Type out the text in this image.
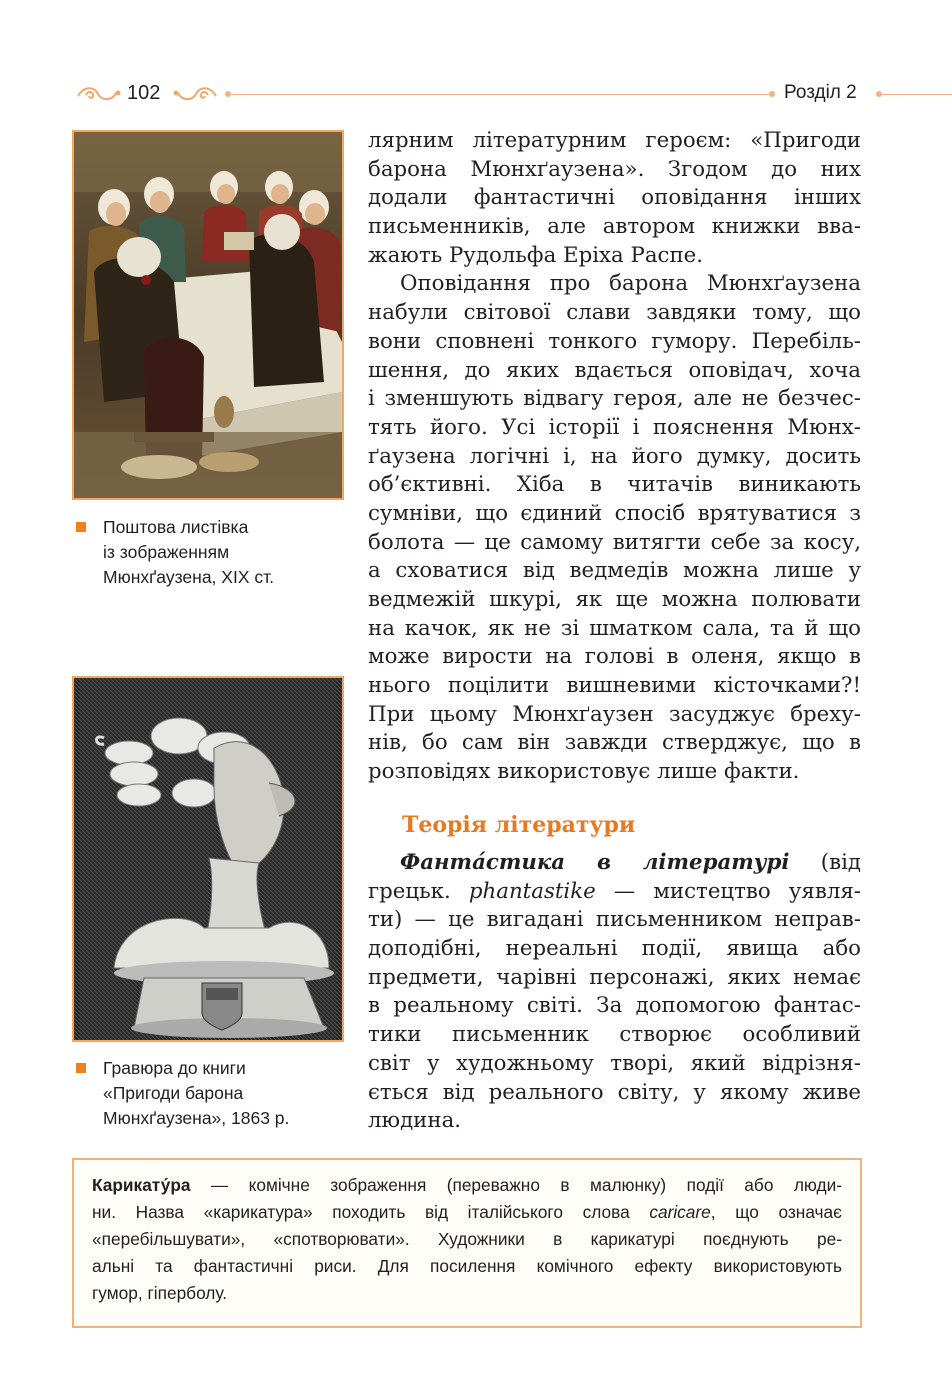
102	Розділ 2
Поштова листівка
із зображенням
Мюнхґаузена, XIX ст.
Гравюра до книги
«Пригоди барона
Мюнхґаузена», 1863 р.
лярним літературним героєм: «Пригоди
барона Мюнхґаузена». Згодом до них
додали фантастичні оповідання інших
письменників, але автором книжки вва-
жають Рудольфа Еріха Распе.
Оповідання про барона Мюнхґаузена
набули світової слави завдяки тому, що
вони сповнені тонкого гумору. Перебіль-
шення, до яких вдається оповідач, хоча
і зменшують відвагу героя, але не безчес-
тять його. Усі історії і пояснення Мюнх-
ґаузена логічні і, на його думку, досить
об’єктивні. Хіба в читачів виникають
сумніви, що єдиний спосіб врятуватися з
болота — це самому витягти себе за косу,
а сховатися від ведмедів можна лише у
ведмежій шкурі, як ще можна полювати
на качок, як не зі шматком сала, та й що
може вирости на голові в оленя, якщо в
нього поцілити вишневими кісточками?!
При цьому Мюнхґаузен засуджує бреху-
нів, бо сам він завжди стверджує, що в
розповідях використовує лише факти.
Теорія літератури
Фанта́стика в літературі (від
грецьк. phantastike — мистецтво уявля-
ти) — це вигадані письменником неправ-
доподібні, нереальні події, явища або
предмети, чарівні персонажі, яких немає
в реальному світі. За допомогою фантас-
тики письменник створює особливий
світ у художньому творі, який відрізня-
ється від реального світу, у якому живе
людина.
Карикату́ра — комічне зображення (переважно в малюнку) події або люди-
ни. Назва «карикатура» походить від італійського слова caricare, що означає
«перебільшувати», «спотворювати». Художники в карикатурі поєднують ре-
альні та фантастичні риси. Для посилення комічного ефекту використовують
гумор, гіперболу.
